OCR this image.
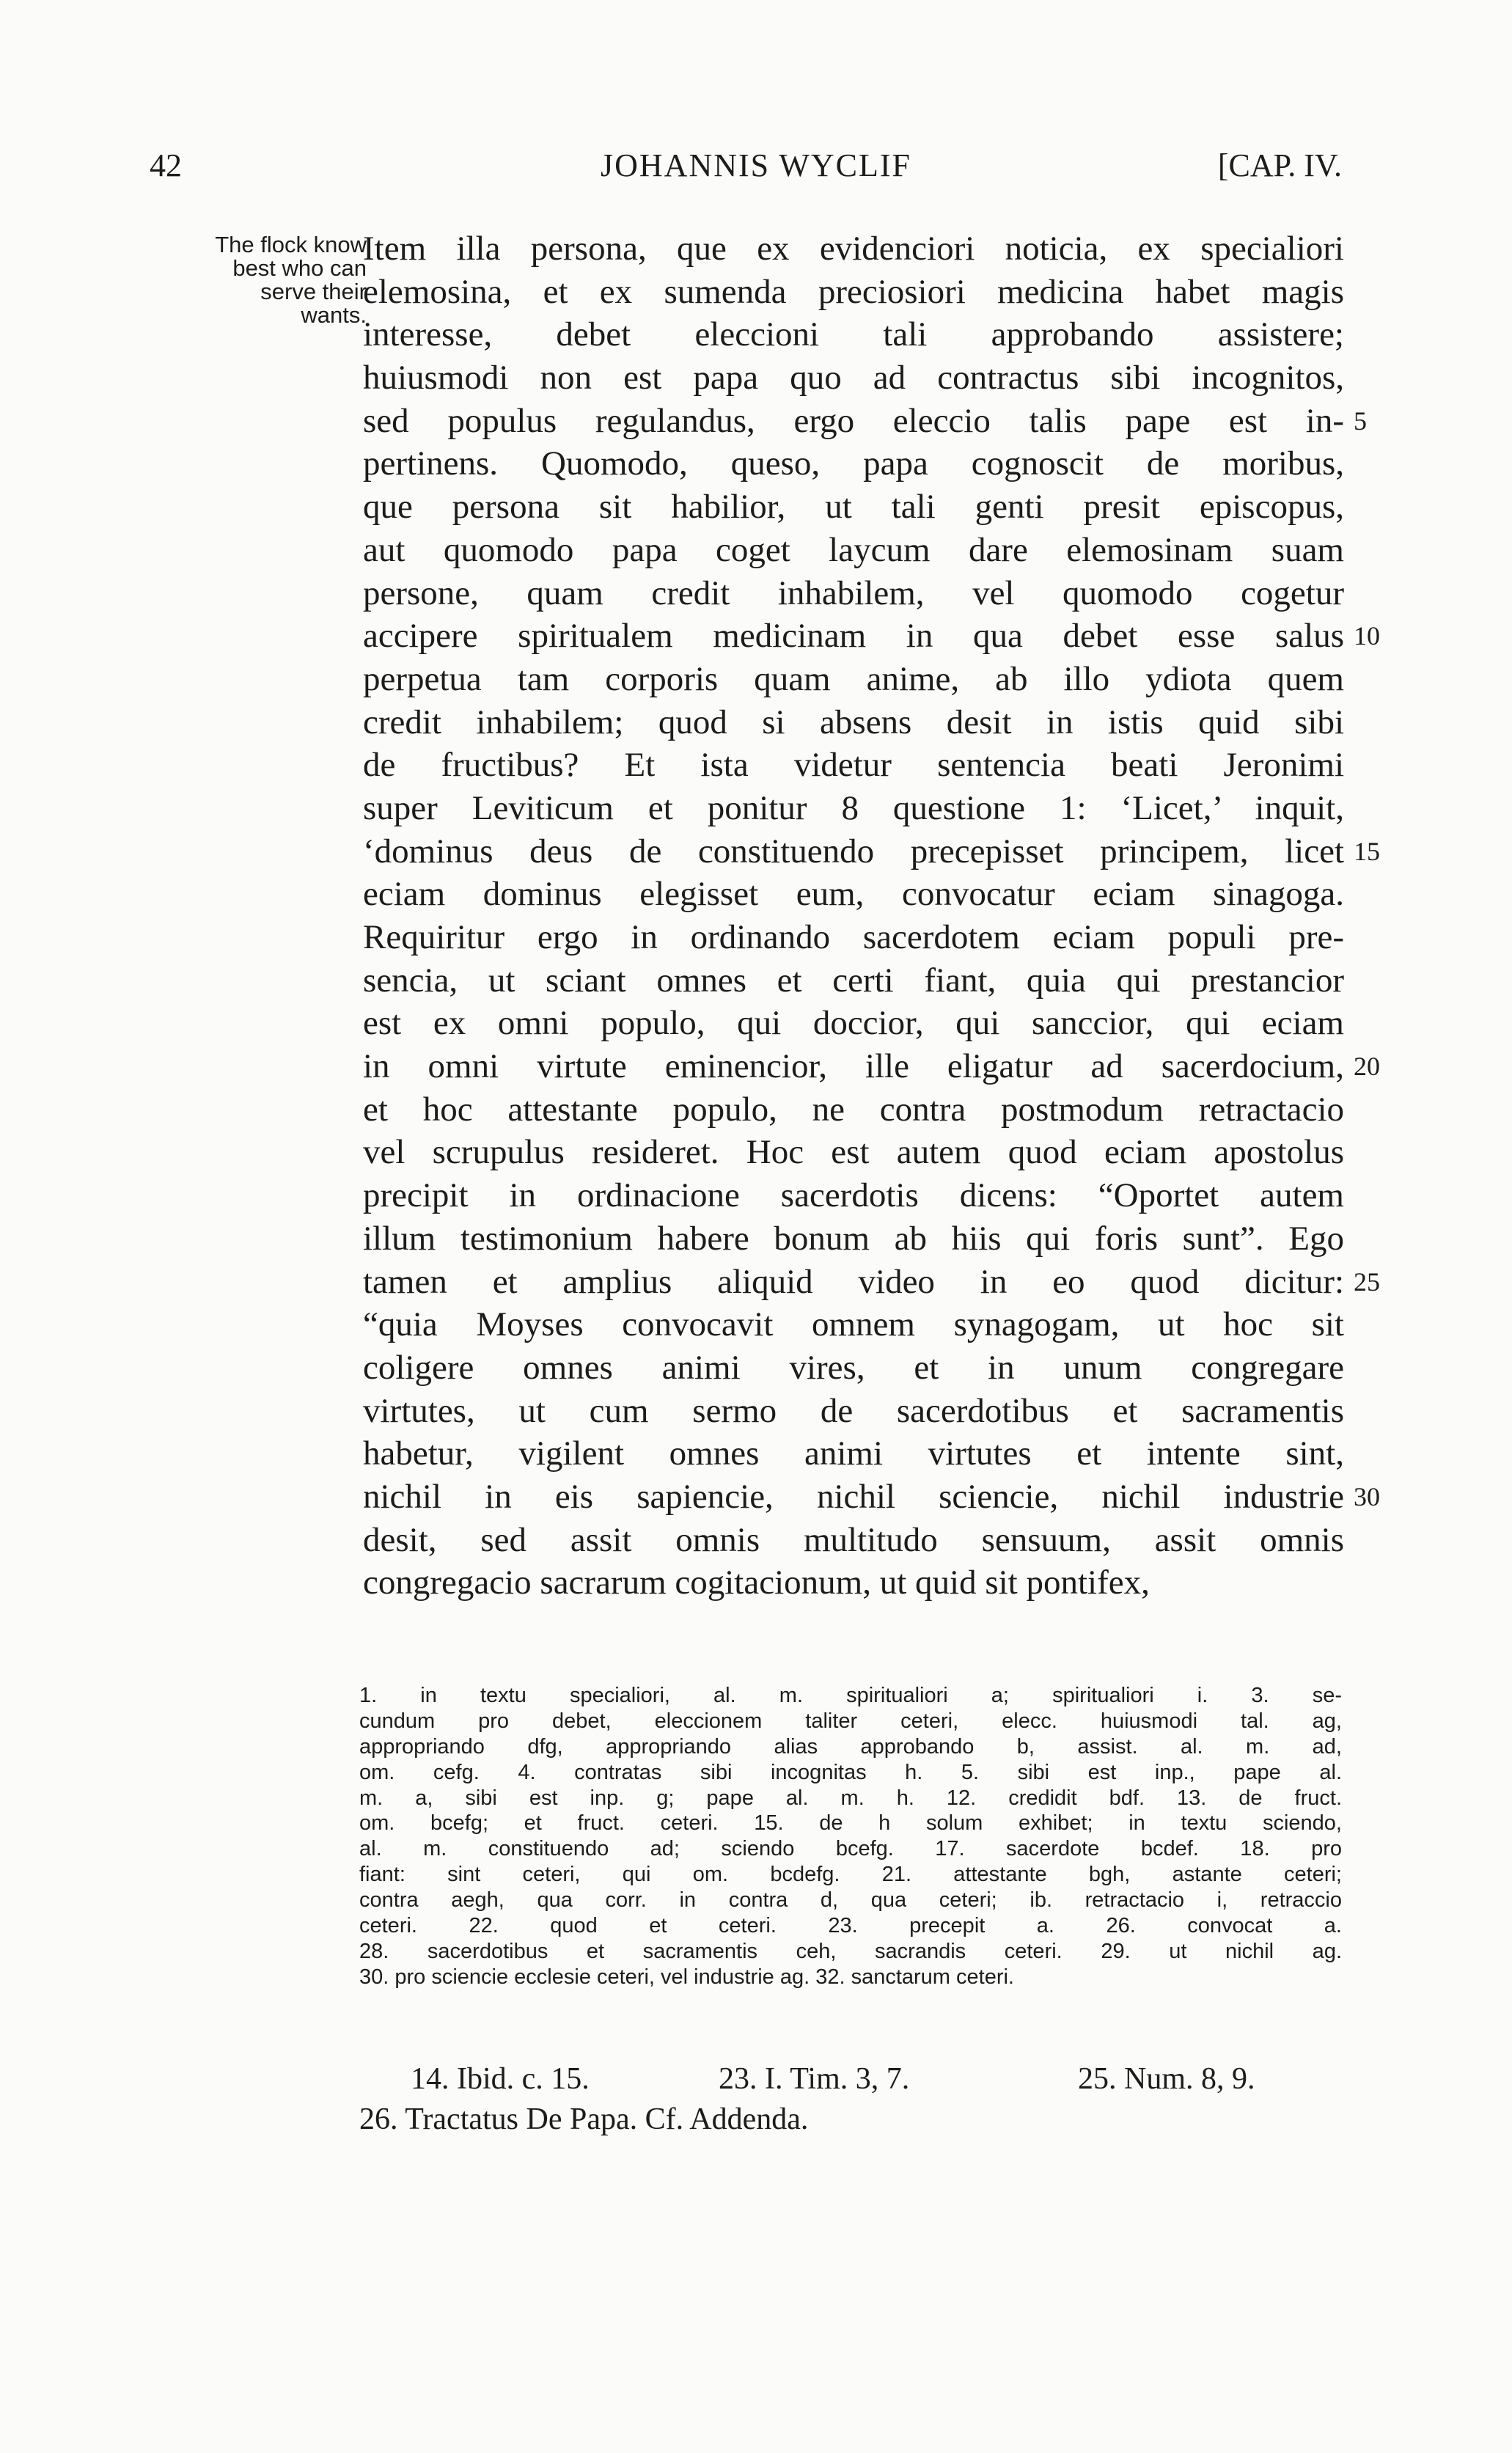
42	JOHANNIS WYCLIF	[CAP. IV.
The flock know
best who can
serve their
wants.
Item illa persona, que ex evidenciori noticia, ex specialiori
elemosina, et ex sumenda preciosiori medicina habet magis
interesse, debet eleccioni tali approbando assistere;
huiusmodi non est papa quo ad contractus sibi incognitos,
sed populus regulandus, ergo eleccio talis pape est in-
pertinens. Quomodo, queso, papa cognoscit de moribus,
que persona sit habilior, ut tali genti presit episcopus,
aut quomodo papa coget laycum dare elemosinam suam
persone, quam credit inhabilem, vel quomodo cogetur
accipere spiritualem medicinam in qua debet esse salus
perpetua tam corporis quam anime, ab illo ydiota quem
credit inhabilem; quod si absens desit in istis quid sibi
de fructibus? Et ista videtur sentencia beati Jeronimi
super Leviticum et ponitur 8 questione 1: ‘Licet,’ inquit,
‘dominus deus de constituendo precepisset principem, licet
eciam dominus elegisset eum, convocatur eciam sinagoga.
Requiritur ergo in ordinando sacerdotem eciam populi pre-
sencia, ut sciant omnes et certi fiant, quia qui prestancior
est ex omni populo, qui doccior, qui sanccior, qui eciam
in omni virtute eminencior, ille eligatur ad sacerdocium,
et hoc attestante populo, ne contra postmodum retractacio
vel scrupulus resideret. Hoc est autem quod eciam apostolus
precipit in ordinacione sacerdotis dicens: “Oportet autem
illum testimonium habere bonum ab hiis qui foris sunt”. Ego
tamen et amplius aliquid video in eo quod dicitur:
“quia Moyses convocavit omnem synagogam, ut hoc sit
coligere omnes animi vires, et in unum congregare
virtutes, ut cum sermo de sacerdotibus et sacramentis
habetur, vigilent omnes animi virtutes et intente sint,
nichil in eis sapiencie, nichil sciencie, nichil industrie
desit, sed assit omnis multitudo sensuum, assit omnis
congregacio sacrarum cogitacionum, ut quid sit pontifex,
5
10
15
20
25
30
1. in textu specialiori, al. m. spiritualiori a; spiritualiori i. 3. se-
cundum pro debet, eleccionem taliter ceteri, elecc. huiusmodi tal. ag,
appropriando dfg, appropriando alias approbando b, assist. al. m. ad,
om. cefg. 4. contratas sibi incognitas h. 5. sibi est inp., pape al.
m. a, sibi est inp. g; pape al. m. h. 12. credidit bdf. 13. de fruct.
om. bcefg; et fruct. ceteri. 15. de h solum exhibet; in textu sciendo,
al. m. constituendo ad; sciendo bcefg. 17. sacerdote bcdef. 18. pro
fiant: sint ceteri, qui om. bcdefg. 21. attestante bgh, astante ceteri;
contra aegh, qua corr. in contra d, qua ceteri; ib. retractacio i, retraccio
ceteri. 22. quod et ceteri. 23. precepit a. 26. convocat a.
28. sacerdotibus et sacramentis ceh, sacrandis ceteri. 29. ut nichil ag.
30. pro sciencie ecclesie ceteri, vel industrie ag. 32. sanctarum ceteri.
14. Ibid. c. 15.	23. I. Tim. 3, 7.	25. Num. 8, 9.
26. Tractatus De Papa. Cf. Addenda.
